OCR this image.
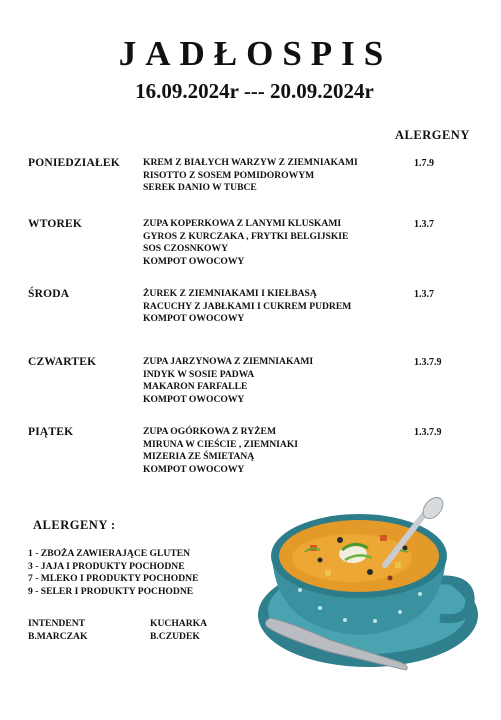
JADŁOSPIS
16.09.2024r --- 20.09.2024r
ALERGENY
PONIEDZIAŁEK KREM Z BIAŁYCH WARZYW Z ZIEMNIAKAMI
RISOTTO Z SOSEM POMIDOROWYM
SEREK DANIO W TUBCE
1.7.9
WTOREK	ZUPA KOPERKOWA Z LANYMI KLUSKAMI
GYROS Z KURCZAKA , FRYTKI BELGIJSKIE
SOS CZOSNKOWY
KOMPOT OWOCOWY
1.3.7
ŚRODA	ŻUREK Z ZIEMNIAKAMI I KIEŁBASĄ
RACUCHY Z JABŁKAMI I CUKREM PUDREM
KOMPOT OWOCOWY
1.3.7
CZWARTEK	ZUPA JARZYNOWA Z ZIEMNIAKAMI
INDYK W SOSIE PADWA
MAKARON FARFALLE
KOMPOT OWOCOWY
1.3.7.9
PIĄTEK	ZUPA OGÓRKOWA Z RYŻEM
MIRUNA W CIEŚCIE , ZIEMNIAKI
MIZERIA ZE ŚMIETANĄ
KOMPOT OWOCOWY
1.3.7.9
ALERGENY :
1 - ZBOŻA ZAWIERAJĄCE GLUTEN
3 - JAJA I PRODUKTY POCHODNE
7 - MLEKO I PRODUKTY POCHODNE
9 - SELER I PRODUKTY POCHODNE
INTENDENT
B.MARCZAK
KUCHARKA
B.CZUDEK
